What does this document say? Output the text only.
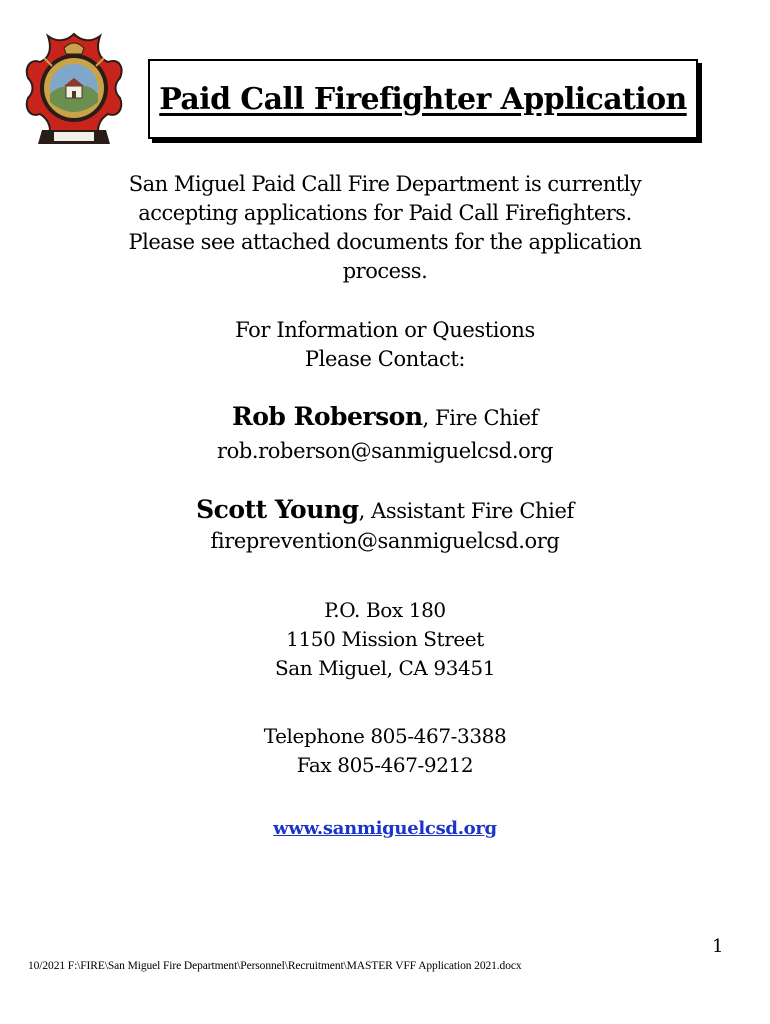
Paid Call Firefighter Application
San Miguel Paid Call Fire Department is currently
accepting applications for Paid Call Firefighters.
Please see attached documents for the application
process.
For Information or Questions
Please Contact:
Rob Roberson, Fire Chief
rob.roberson@sanmiguelcsd.org
Scott Young, Assistant Fire Chief
fireprevention@sanmiguelcsd.org
P.O. Box 180
1150 Mission Street
San Miguel, CA 93451
Telephone 805-467-3388
Fax 805-467-9212
www.sanmiguelcsd.org
1
10/2021 F:\FIRE\San Miguel Fire Department\Personnel\Recruitment\MASTER VFF Application 2021.docx
